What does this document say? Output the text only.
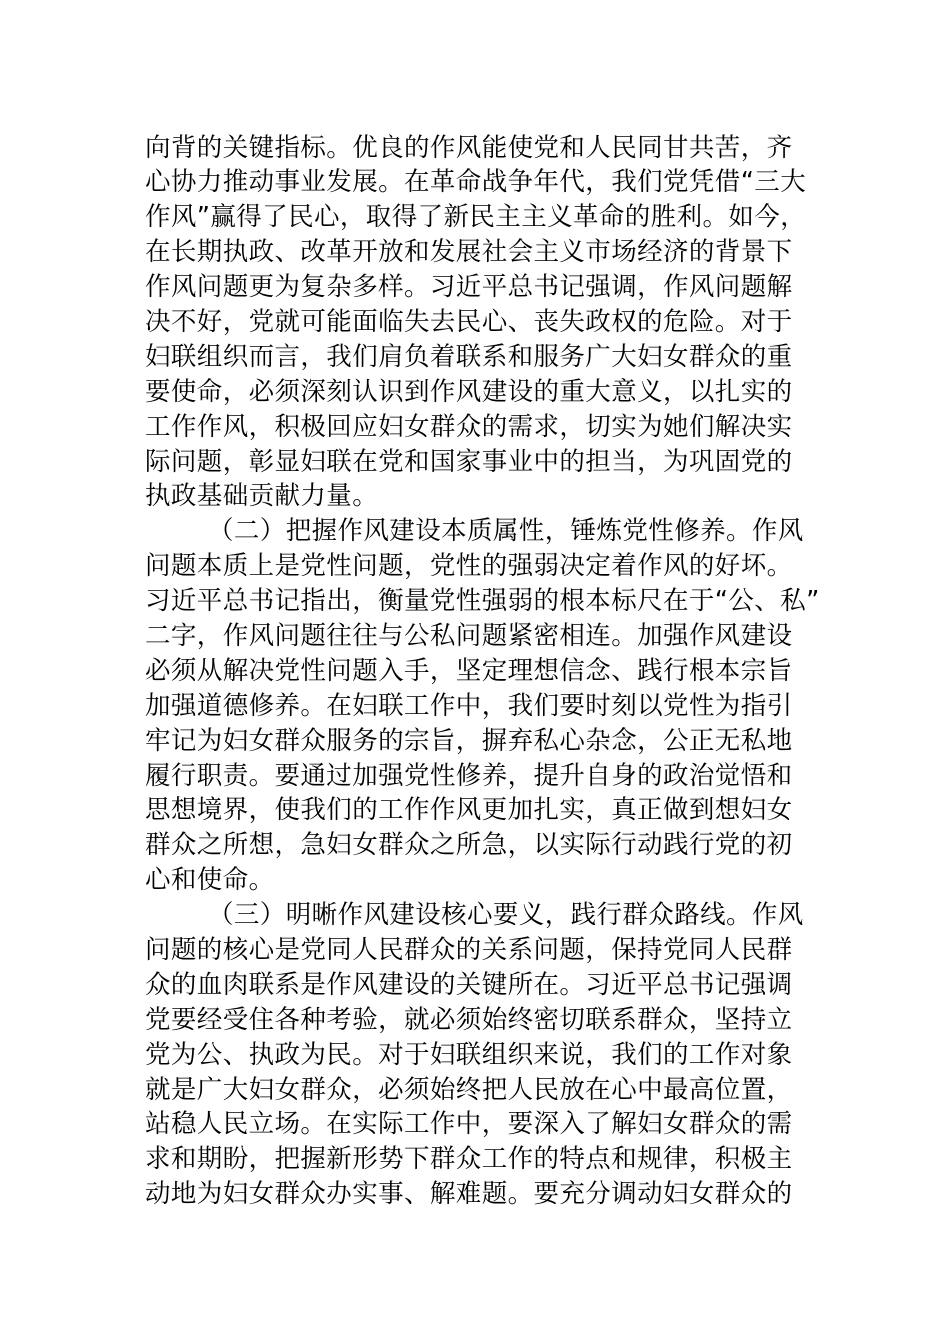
向背的关键指标。优良的作风能使党和人民同甘共苦，齐
心协力推动事业发展。在革命战争年代，我们党凭借“三大
作风”赢得了民心，取得了新民主主义革命的胜利。如今，
在长期执政、改革开放和发展社会主义市场经济的背景下
作风问题更为复杂多样。习近平总书记强调，作风问题解
决不好，党就可能面临失去民心、丧失政权的危险。对于
妇联组织而言，我们肩负着联系和服务广大妇女群众的重
要使命，必须深刻认识到作风建设的重大意义，以扎实的
工作作风，积极回应妇女群众的需求，切实为她们解决实
际问题，彰显妇联在党和国家事业中的担当，为巩固党的
执政基础贡献力量。
（二）把握作风建设本质属性，锤炼党性修养。作风
问题本质上是党性问题，党性的强弱决定着作风的好坏。
习近平总书记指出，衡量党性强弱的根本标尺在于“公、私”
二字，作风问题往往与公私问题紧密相连。加强作风建设
必须从解决党性问题入手，坚定理想信念、践行根本宗旨
加强道德修养。在妇联工作中，我们要时刻以党性为指引
牢记为妇女群众服务的宗旨，摒弃私心杂念，公正无私地
履行职责。要通过加强党性修养，提升自身的政治觉悟和
思想境界，使我们的工作作风更加扎实，真正做到想妇女
群众之所想，急妇女群众之所急，以实际行动践行党的初
心和使命。
（三）明晰作风建设核心要义，践行群众路线。作风
问题的核心是党同人民群众的关系问题，保持党同人民群
众的血肉联系是作风建设的关键所在。习近平总书记强调
党要经受住各种考验，就必须始终密切联系群众，坚持立
党为公、执政为民。对于妇联组织来说，我们的工作对象
就是广大妇女群众，必须始终把人民放在心中最高位置，
站稳人民立场。在实际工作中，要深入了解妇女群众的需
求和期盼，把握新形势下群众工作的特点和规律，积极主
动地为妇女群众办实事、解难题。要充分调动妇女群众的
